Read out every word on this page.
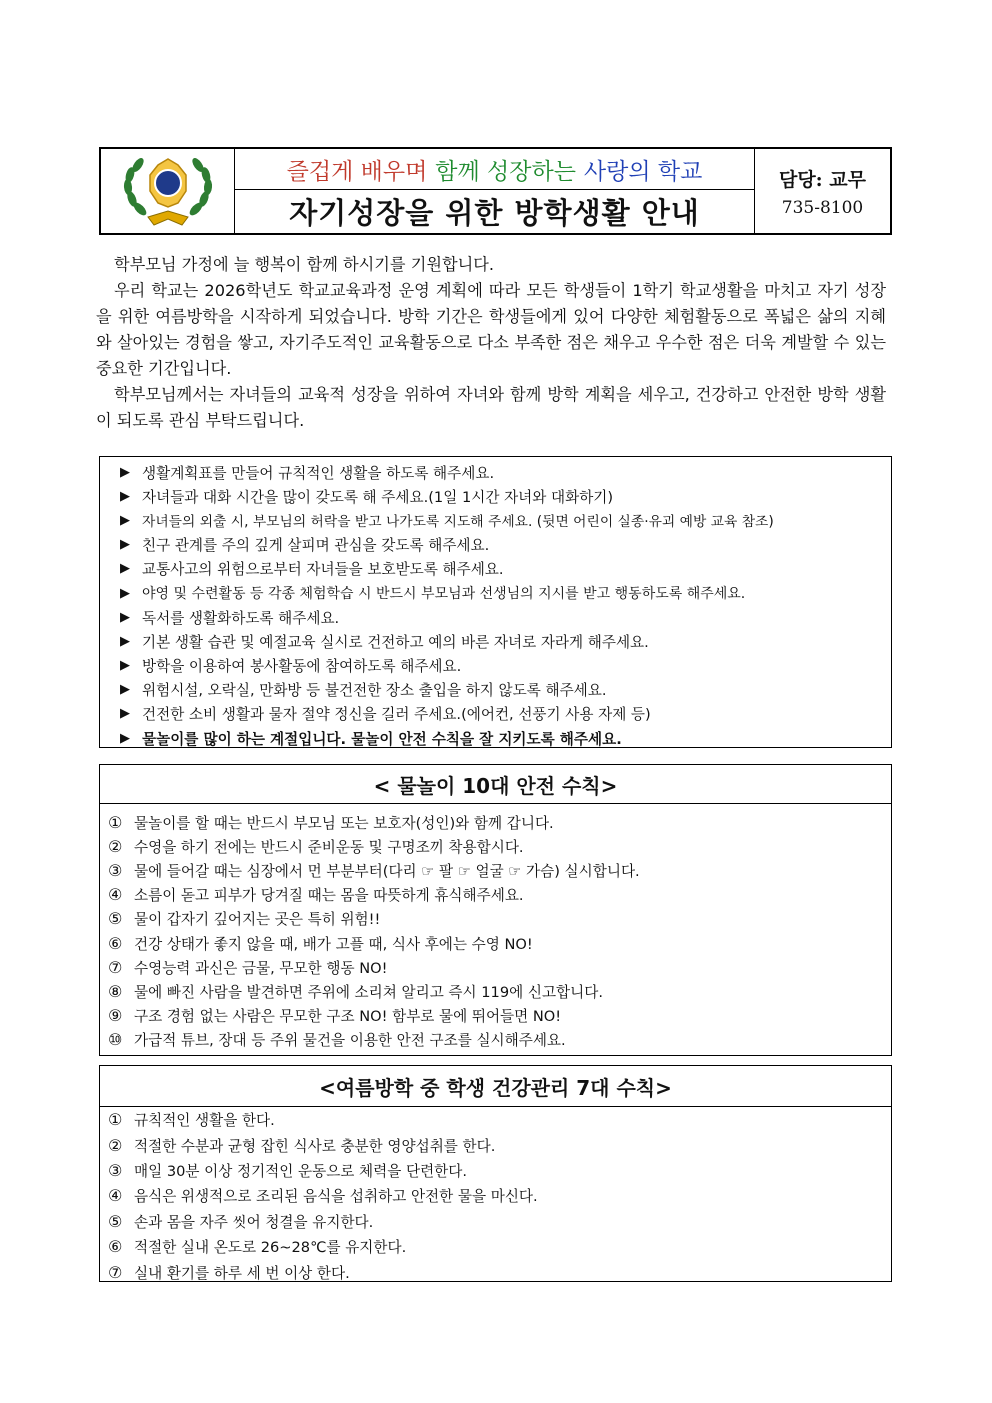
즐겁게 배우며 함께 성장하는 사랑의 학교
자기성장을 위한 방학생활 안내
담당: 교무
735-8100

학부모님 가정에 늘 행복이 함께 하시기를 기원합니다.

우리 학교는 2026학년도 학교교육과정 운영 계획에 따라 모든 학생들이 1학기 학교생활을 마치고 자기 성장을 위한 여름방학을 시작하게 되었습니다. 방학 기간은 학생들에게 있어 다양한 체험활동으로 폭넓은 삶의 지혜와 살아있는 경험을 쌓고, 자기주도적인 교육활동으로 다소 부족한 점은 채우고 우수한 점은 더욱 계발할 수 있는 중요한 기간입니다.

학부모님께서는 자녀들의 교육적 성장을 위하여 자녀와 함께 방학 계획을 세우고, 건강하고 안전한 방학 생활이 되도록 관심 부탁드립니다.

▶ 생활계획표를 만들어 규칙적인 생활을 하도록 해주세요.
▶ 자녀들과 대화 시간을 많이 갖도록 해 주세요.(1일 1시간 자녀와 대화하기)
▶ 자녀들의 외출 시, 부모님의 허락을 받고 나가도록 지도해 주세요. (뒷면 어린이 실종·유괴 예방 교육 참조)
▶ 친구 관계를 주의 깊게 살피며 관심을 갖도록 해주세요.
▶ 교통사고의 위험으로부터 자녀들을 보호받도록 해주세요.
▶ 야영 및 수련활동 등 각종 체험학습 시 반드시 부모님과 선생님의 지시를 받고 행동하도록 해주세요.
▶ 독서를 생활화하도록 해주세요.
▶ 기본 생활 습관 및 예절교육 실시로 건전하고 예의 바른 자녀로 자라게 해주세요.
▶ 방학을 이용하여 봉사활동에 참여하도록 해주세요.
▶ 위험시설, 오락실, 만화방 등 불건전한 장소 출입을 하지 않도록 해주세요.
▶ 건전한 소비 생활과 물자 절약 정신을 길러 주세요.(에어컨, 선풍기 사용 자제 등)
▶ 물놀이를 많이 하는 계절입니다. 물놀이 안전 수칙을 잘 지키도록 해주세요.
< 물놀이 10대 안전 수칙>
① 물놀이를 할 때는 반드시 부모님 또는 보호자(성인)와 함께 갑니다.
② 수영을 하기 전에는 반드시 준비운동 및 구명조끼 착용합시다.
③ 물에 들어갈 때는 심장에서 먼 부분부터(다리 ☞ 팔 ☞ 얼굴 ☞ 가슴) 실시합니다.
④ 소름이 돋고 피부가 당겨질 때는 몸을 따뜻하게 휴식해주세요.
⑤ 물이 갑자기 깊어지는 곳은 특히 위험!!
⑥ 건강 상태가 좋지 않을 때, 배가 고플 때, 식사 후에는 수영 NO!
⑦ 수영능력 과신은 금물, 무모한 행동 NO!
⑧ 물에 빠진 사람을 발견하면 주위에 소리쳐 알리고 즉시 119에 신고합니다.
⑨ 구조 경험 없는 사람은 무모한 구조 NO! 함부로 물에 뛰어들면 NO!
⑩ 가급적 튜브, 장대 등 주위 물건을 이용한 안전 구조를 실시해주세요.
<여름방학 중 학생 건강관리 7대 수칙>
① 규칙적인 생활을 한다.
② 적절한 수분과 균형 잡힌 식사로 충분한 영양섭취를 한다.
③ 매일 30분 이상 정기적인 운동으로 체력을 단련한다.
④ 음식은 위생적으로 조리된 음식을 섭취하고 안전한 물을 마신다.
⑤ 손과 몸을 자주 씻어 청결을 유지한다.
⑥ 적절한 실내 온도로 26~28℃를 유지한다.
⑦ 실내 환기를 하루 세 번 이상 한다.
